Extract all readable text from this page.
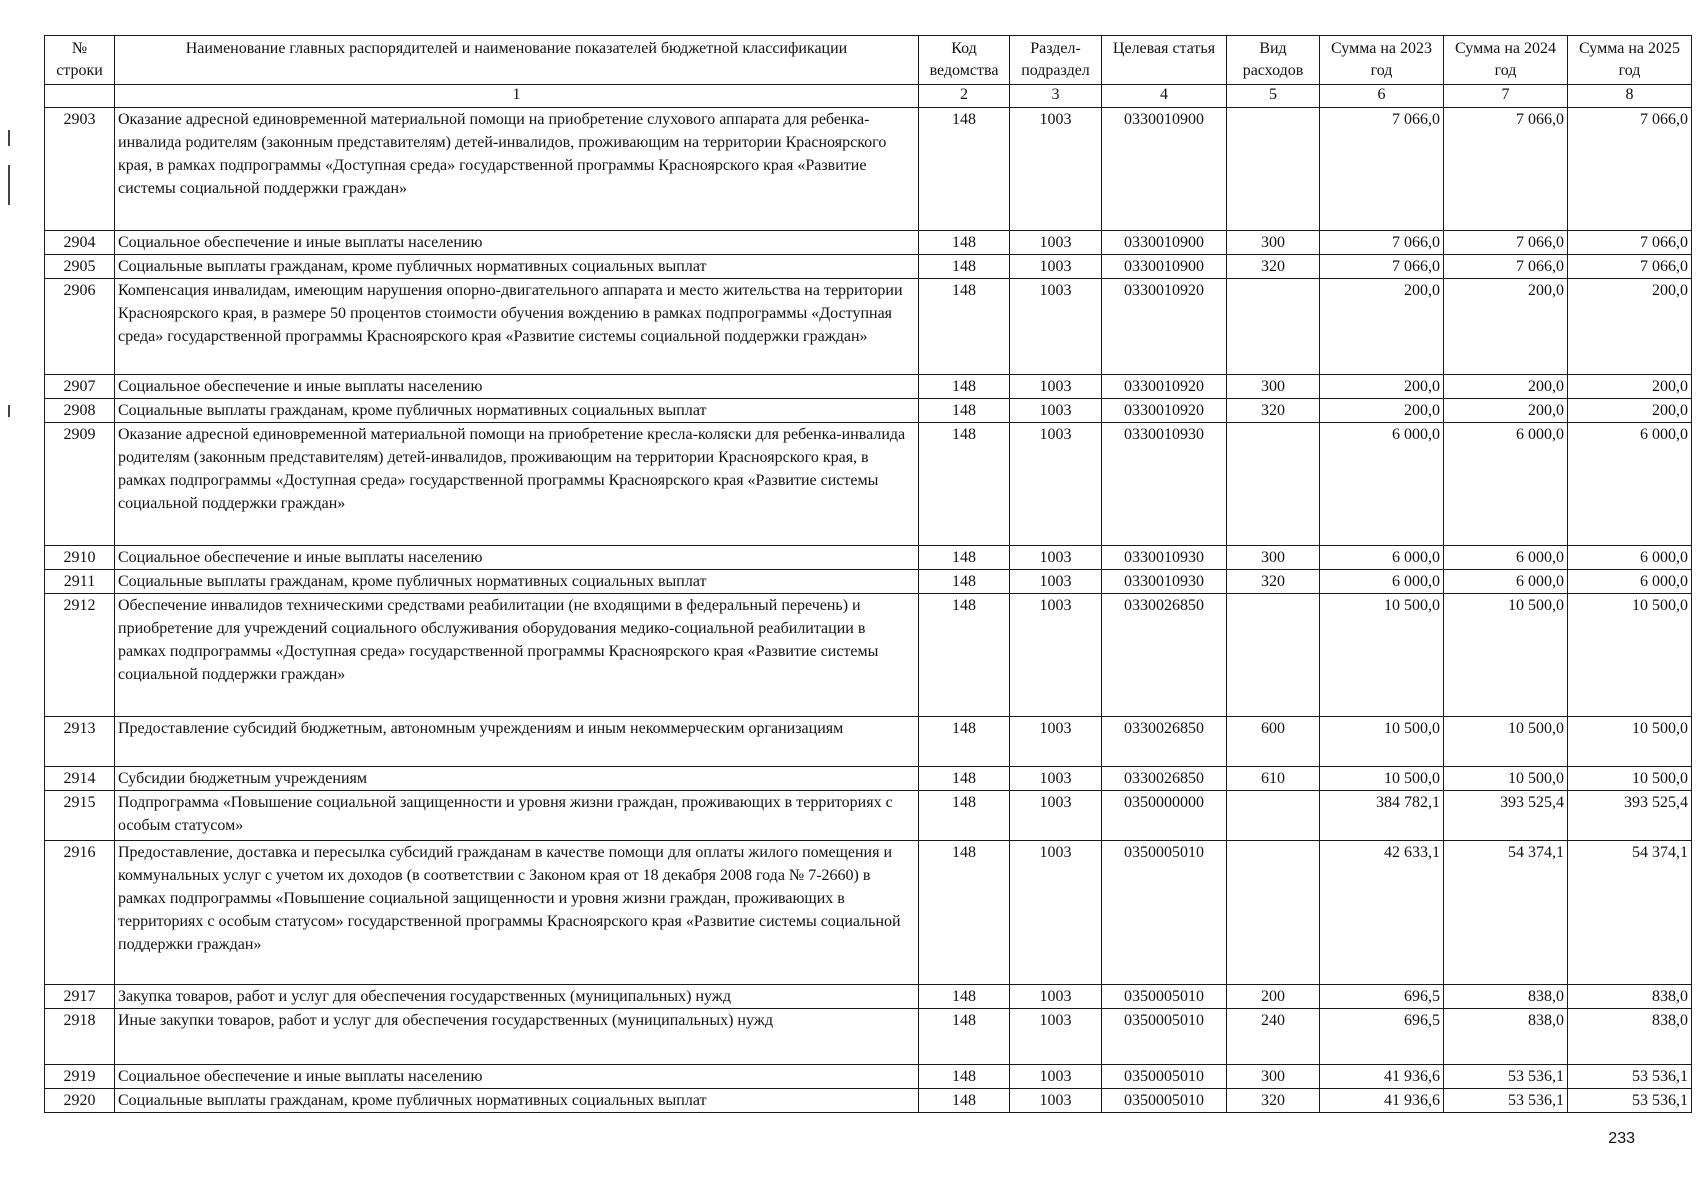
№ строки	Наименование главных распорядителей и наименование показателей бюджетной классификации	Код ведомства	Раздел-подраздел	Целевая статья	Вид расходов	Сумма на 2023 год	Сумма на 2024 год	Сумма на 2025 год
	1	2	3	4	5	6	7	8
2903	Оказание адресной единовременной материальной помощи на приобретение слухового аппарата для ребенка-инвалида родителям (законным представителям) детей-инвалидов, проживающим на территории Красноярского края, в рамках подпрограммы «Доступная среда» государственной программы Красноярского края «Развитие системы социальной поддержки граждан»	148	1003	0330010900		7 066,0	7 066,0	7 066,0
2904	Социальное обеспечение и иные выплаты населению	148	1003	0330010900	300	7 066,0	7 066,0	7 066,0
2905	Социальные выплаты гражданам, кроме публичных нормативных социальных выплат	148	1003	0330010900	320	7 066,0	7 066,0	7 066,0
2906	Компенсация инвалидам, имеющим нарушения опорно-двигательного аппарата и место жительства на территории Красноярского края, в размере 50 процентов стоимости обучения вождению в рамках подпрограммы «Доступная среда» государственной программы Красноярского края «Развитие системы социальной поддержки граждан»	148	1003	0330010920		200,0	200,0	200,0
2907	Социальное обеспечение и иные выплаты населению	148	1003	0330010920	300	200,0	200,0	200,0
2908	Социальные выплаты гражданам, кроме публичных нормативных социальных выплат	148	1003	0330010920	320	200,0	200,0	200,0
2909	Оказание адресной единовременной материальной помощи на приобретение кресла-коляски для ребенка-инвалида родителям (законным представителям) детей-инвалидов, проживающим на территории Красноярского края, в рамках подпрограммы «Доступная среда» государственной программы Красноярского края «Развитие системы социальной поддержки граждан»	148	1003	0330010930		6 000,0	6 000,0	6 000,0
2910	Социальное обеспечение и иные выплаты населению	148	1003	0330010930	300	6 000,0	6 000,0	6 000,0
2911	Социальные выплаты гражданам, кроме публичных нормативных социальных выплат	148	1003	0330010930	320	6 000,0	6 000,0	6 000,0
2912	Обеспечение инвалидов техническими средствами реабилитации (не входящими в федеральный перечень) и приобретение для учреждений социального обслуживания оборудования медико-социальной реабилитации в рамках подпрограммы «Доступная среда» государственной программы Красноярского края «Развитие системы социальной поддержки граждан»	148	1003	0330026850		10 500,0	10 500,0	10 500,0
2913	Предоставление субсидий бюджетным, автономным учреждениям и иным некоммерческим организациям	148	1003	0330026850	600	10 500,0	10 500,0	10 500,0
2914	Субсидии бюджетным учреждениям	148	1003	0330026850	610	10 500,0	10 500,0	10 500,0
2915	Подпрограмма «Повышение социальной защищенности и уровня жизни граждан, проживающих в территориях с особым статусом»	148	1003	0350000000		384 782,1	393 525,4	393 525,4
2916	Предоставление, доставка и пересылка субсидий гражданам в качестве помощи для оплаты жилого помещения и коммунальных услуг с учетом их доходов (в соответствии с Законом края от 18 декабря 2008 года № 7-2660) в рамках подпрограммы «Повышение социальной защищенности и уровня жизни граждан, проживающих в территориях с особым статусом» государственной программы Красноярского края «Развитие системы социальной поддержки граждан»	148	1003	0350005010		42 633,1	54 374,1	54 374,1
2917	Закупка товаров, работ и услуг для обеспечения государственных (муниципальных) нужд	148	1003	0350005010	200	696,5	838,0	838,0
2918	Иные закупки товаров, работ и услуг для обеспечения государственных (муниципальных) нужд	148	1003	0350005010	240	696,5	838,0	838,0
2919	Социальное обеспечение и иные выплаты населению	148	1003	0350005010	300	41 936,6	53 536,1	53 536,1
2920	Социальные выплаты гражданам, кроме публичных нормативных социальных выплат	148	1003	0350005010	320	41 936,6	53 536,1	53 536,1
233
